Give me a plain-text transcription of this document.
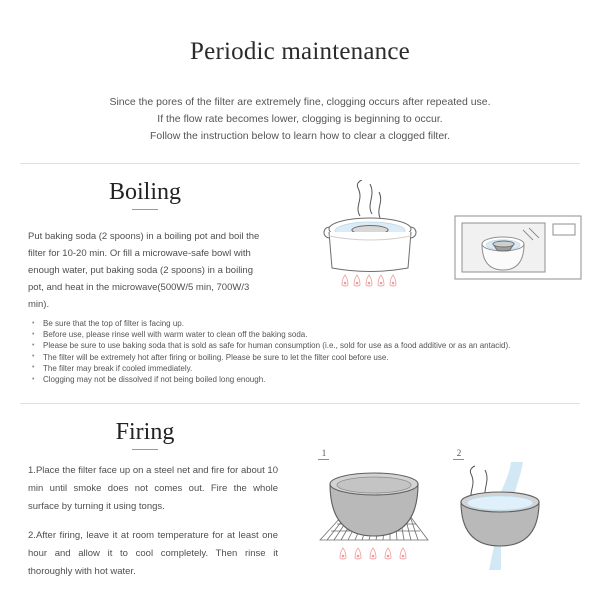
Periodic maintenance
Since the pores of the filter are extremely fine, clogging occurs after repeated use.
If the flow rate becomes lower, clogging is beginning to occur.
Follow the instruction below to learn how to clear a clogged filter.
Boiling
Put baking soda (2 spoons) in a boiling pot and boil the filter for 10-20 min. Or fill a microwave-safe bowl with enough water, put baking soda (2 spoons) in a boiling pot, and heat in the microwave(500W/5 min, 700W/3 min).
• Be sure that the top of filter is facing up.
• Before use, please rinse well with warm water to clean off the baking soda.
• Please be sure to use baking soda that is sold as safe for human consumption (i.e., sold for use as a food additive or as an antacid).
• The filter will be extremely hot after firing or boiling. Please be sure to let the filter cool before use.
• The filter may break if cooled immediately.
• Clogging may not be dissolved if not being boiled long enough.
Firing
1.Place the filter face up on a steel net and fire for about 10 min until smoke does not comes out. Fire the whole surface by turning it using tongs.
2.After firing, leave it at room temperature for at least one hour and allow it to cool completely. Then rinse it thoroughly with hot water.
1	2
